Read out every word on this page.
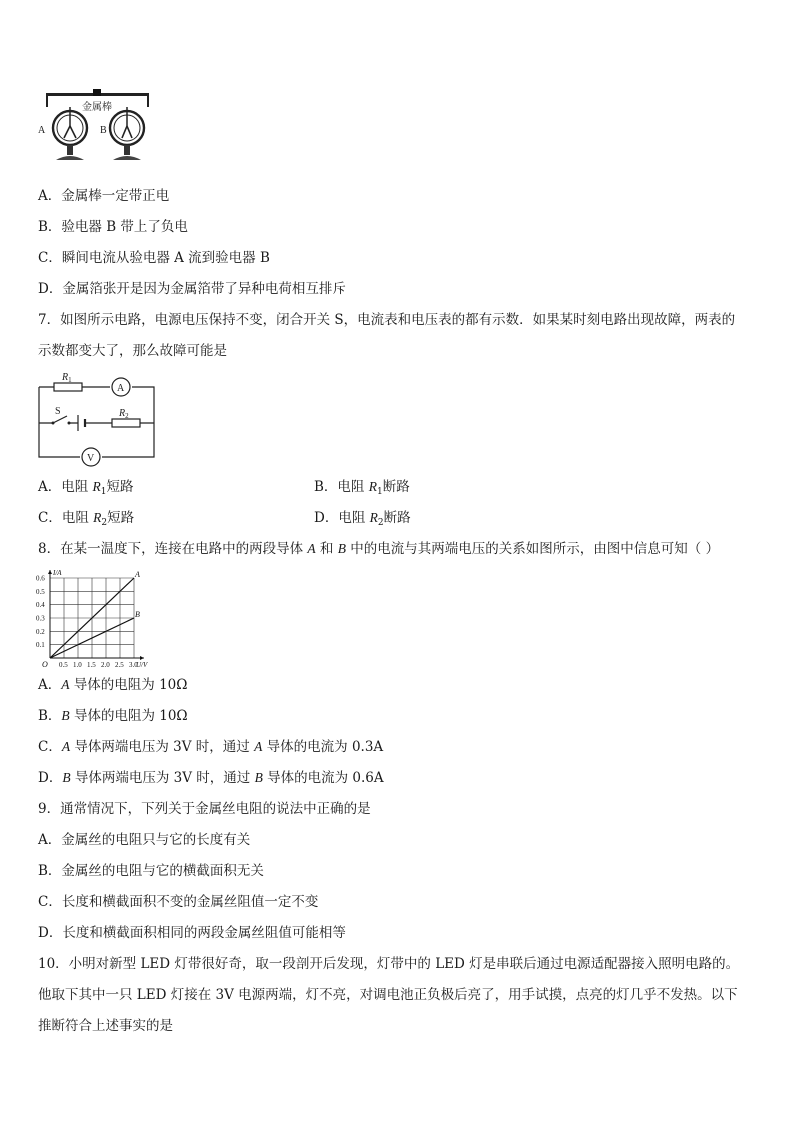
金属棒
A	B
A．金属棒一定带正电
B．验电器 B 带上了负电
C．瞬间电流从验电器 A 流到验电器 B
D．金属箔张开是因为金属箔带了异种电荷相互排斥
7．如图所示电路，电源电压保持不变，闭合开关 S，电流表和电压表的都有示数．如果某时刻电路出现故障，两表的
示数都变大了，那么故障可能是
$R_1$
A
S	$R_2$
V
A．电阻 $R_1$短路	B．电阻 $R_1$断路
C．电阻 $R_2$短路	D．电阻 $R_2$断路
8．在某一温度下，连接在电路中的两段导体 A 和 B 中的电流与其两端电压的关系如图所示，由图中信息可知（ ）
A
B
0.5 1.0 1.5 2.0 2.5 3.0
0.1
0.2
0.3
0.4
0.5
0.6
O	U/V
I/A
A．A 导体的电阻为 10Ω
B．B 导体的电阻为 10Ω
C．A 导体两端电压为 3V 时，通过 A 导体的电流为 0.3A
D．B 导体两端电压为 3V 时，通过 B 导体的电流为 0.6A
9．通常情况下，下列关于金属丝电阻的说法中正确的是
A．金属丝的电阻只与它的长度有关
B．金属丝的电阻与它的横截面积无关
C．长度和横截面积不变的金属丝阻值一定不变
D．长度和横截面积相同的两段金属丝阻值可能相等
10．小明对新型 LED 灯带很好奇，取一段剖开后发现，灯带中的 LED 灯是串联后通过电源适配器接入照明电路的。
他取下其中一只 LED 灯接在 3V 电源两端，灯不亮，对调电池正负极后亮了，用手试摸，点亮的灯几乎不发热。以下
推断符合上述事实的是
